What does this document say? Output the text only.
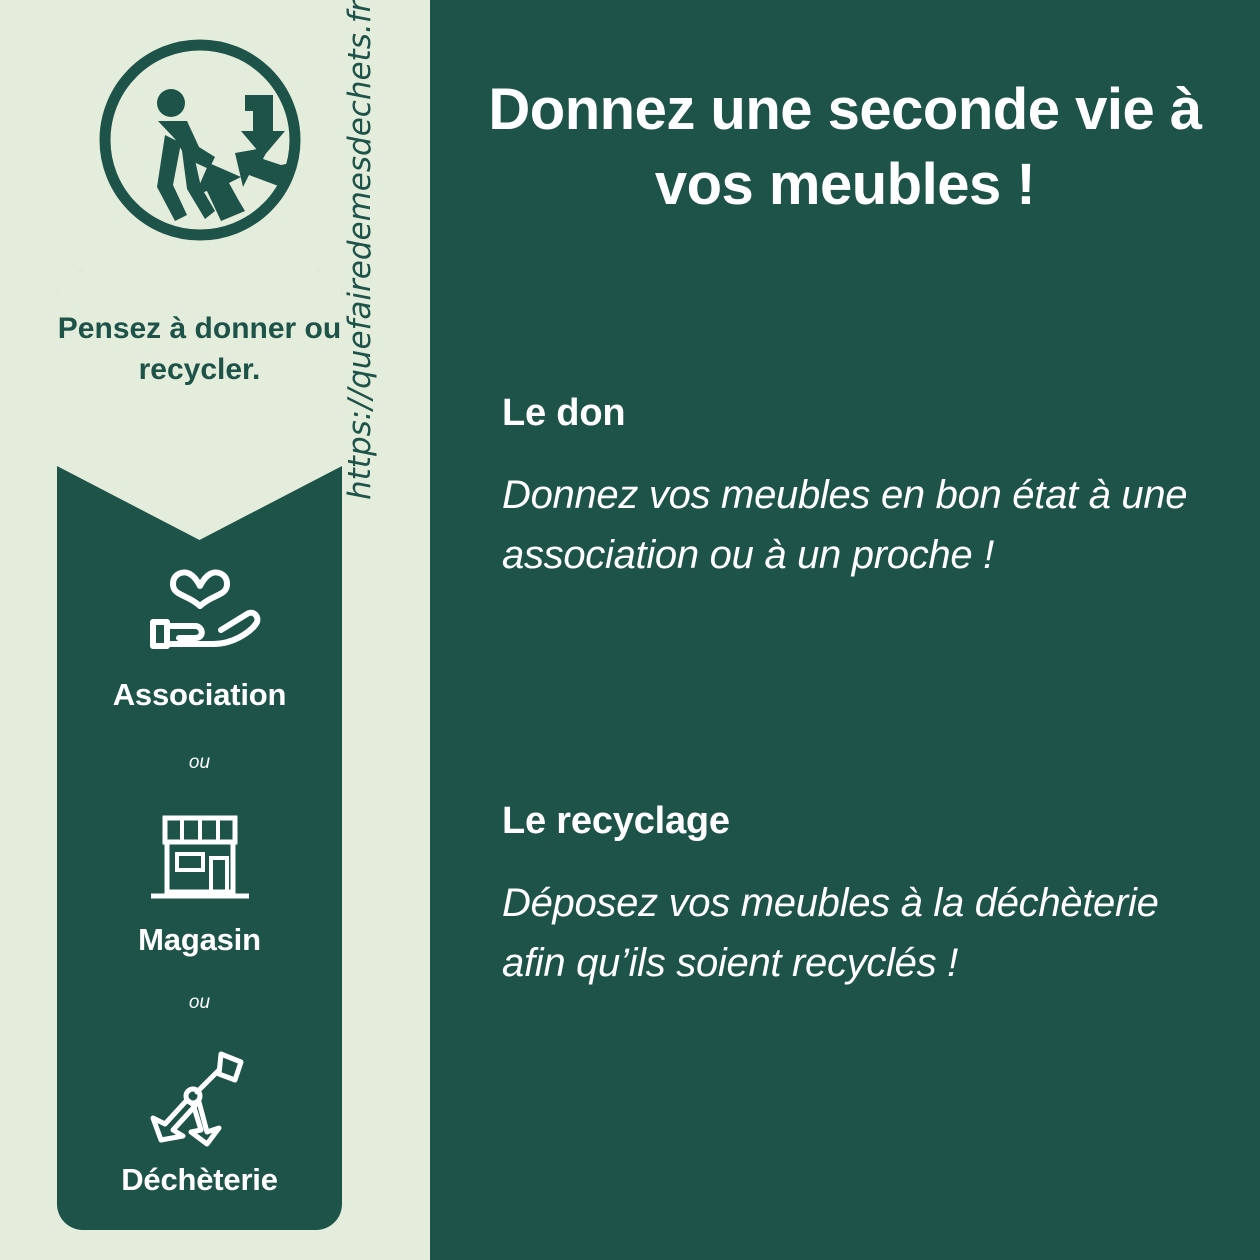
Pensez à donner ou recycler.
Association
ou
Magasin
ou
Déchèterie
https://quefairedemesdechets.fr	Donnez une seconde vie à vos meubles !
Le don
Donnez vos meubles en bon état à une association ou à un proche !
Le recyclage
Déposez vos meubles à la déchèterie afin qu’ils soient recyclés !
